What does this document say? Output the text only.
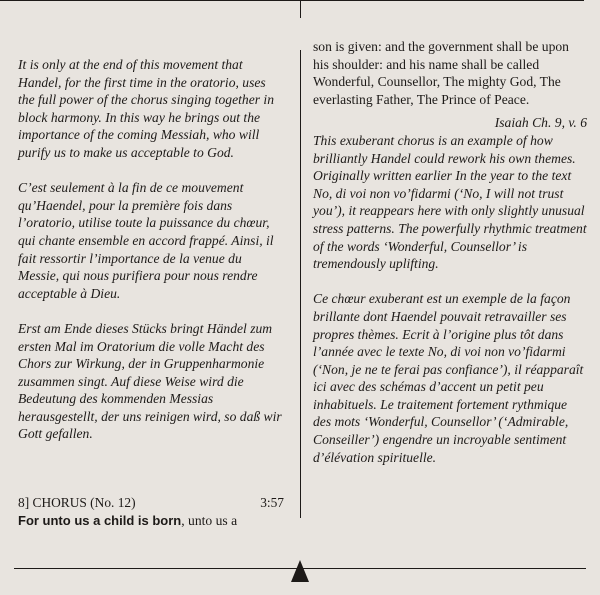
It is only at the end of this movement that Handel, for the first time in the oratorio, uses the full power of the chorus singing together in block harmony. In this way he brings out the importance of the coming Messiah, who will purify us to make us acceptable to God.

C’est seulement à la fin de ce mouvement qu’Haendel, pour la première fois dans l’oratorio, utilise toute la puissance du chœur, qui chante ensemble en accord frappé. Ainsi, il fait ressortir l’importance de la venue du Messie, qui nous purifiera pour nous rendre acceptable à Dieu.

Erst am Ende dieses Stücks bringt Händel zum ersten Mal im Oratorium die volle Macht des Chors zur Wirkung, der in Gruppenharmonie zusammen singt. Auf diese Weise wird die Bedeutung des kommenden Messias herausgestellt, der uns reinigen wird, so daß wir Gott gefallen.

8] CHORUS (No. 12)	3:57
For unto us a child is born, unto us a

son is given: and the government shall be upon his shoulder: and his name shall be called Wonderful, Counsellor, The mighty God, The everlasting Father, The Prince of Peace.

Isaiah Ch. 9, v. 6

This exuberant chorus is an example of how brilliantly Handel could rework his own themes. Originally written earlier In the year to the text No, di voi non vo’fidarmi (‘No, I will not trust you’), it reappears here with only slightly unusual stress patterns. The powerfully rhythmic treatment of the words ‘Wonderful, Counsellor’ is tremendously uplifting.

Ce chœur exuberant est un exemple de la façon brillante dont Haendel pouvait retravailler ses propres thèmes. Ecrit à l’origine plus tôt dans l’année avec le texte No, di voi non vo’fidarmi (‘Non, je ne te ferai pas confiance’), il réapparaît ici avec des schémas d’accent un petit peu inhabituels. Le traitement fortement rythmique des mots ‘Wonderful, Counsellor’ (‘Admirable, Conseiller’) engendre un incroyable sentiment d’élévation spirituelle.
